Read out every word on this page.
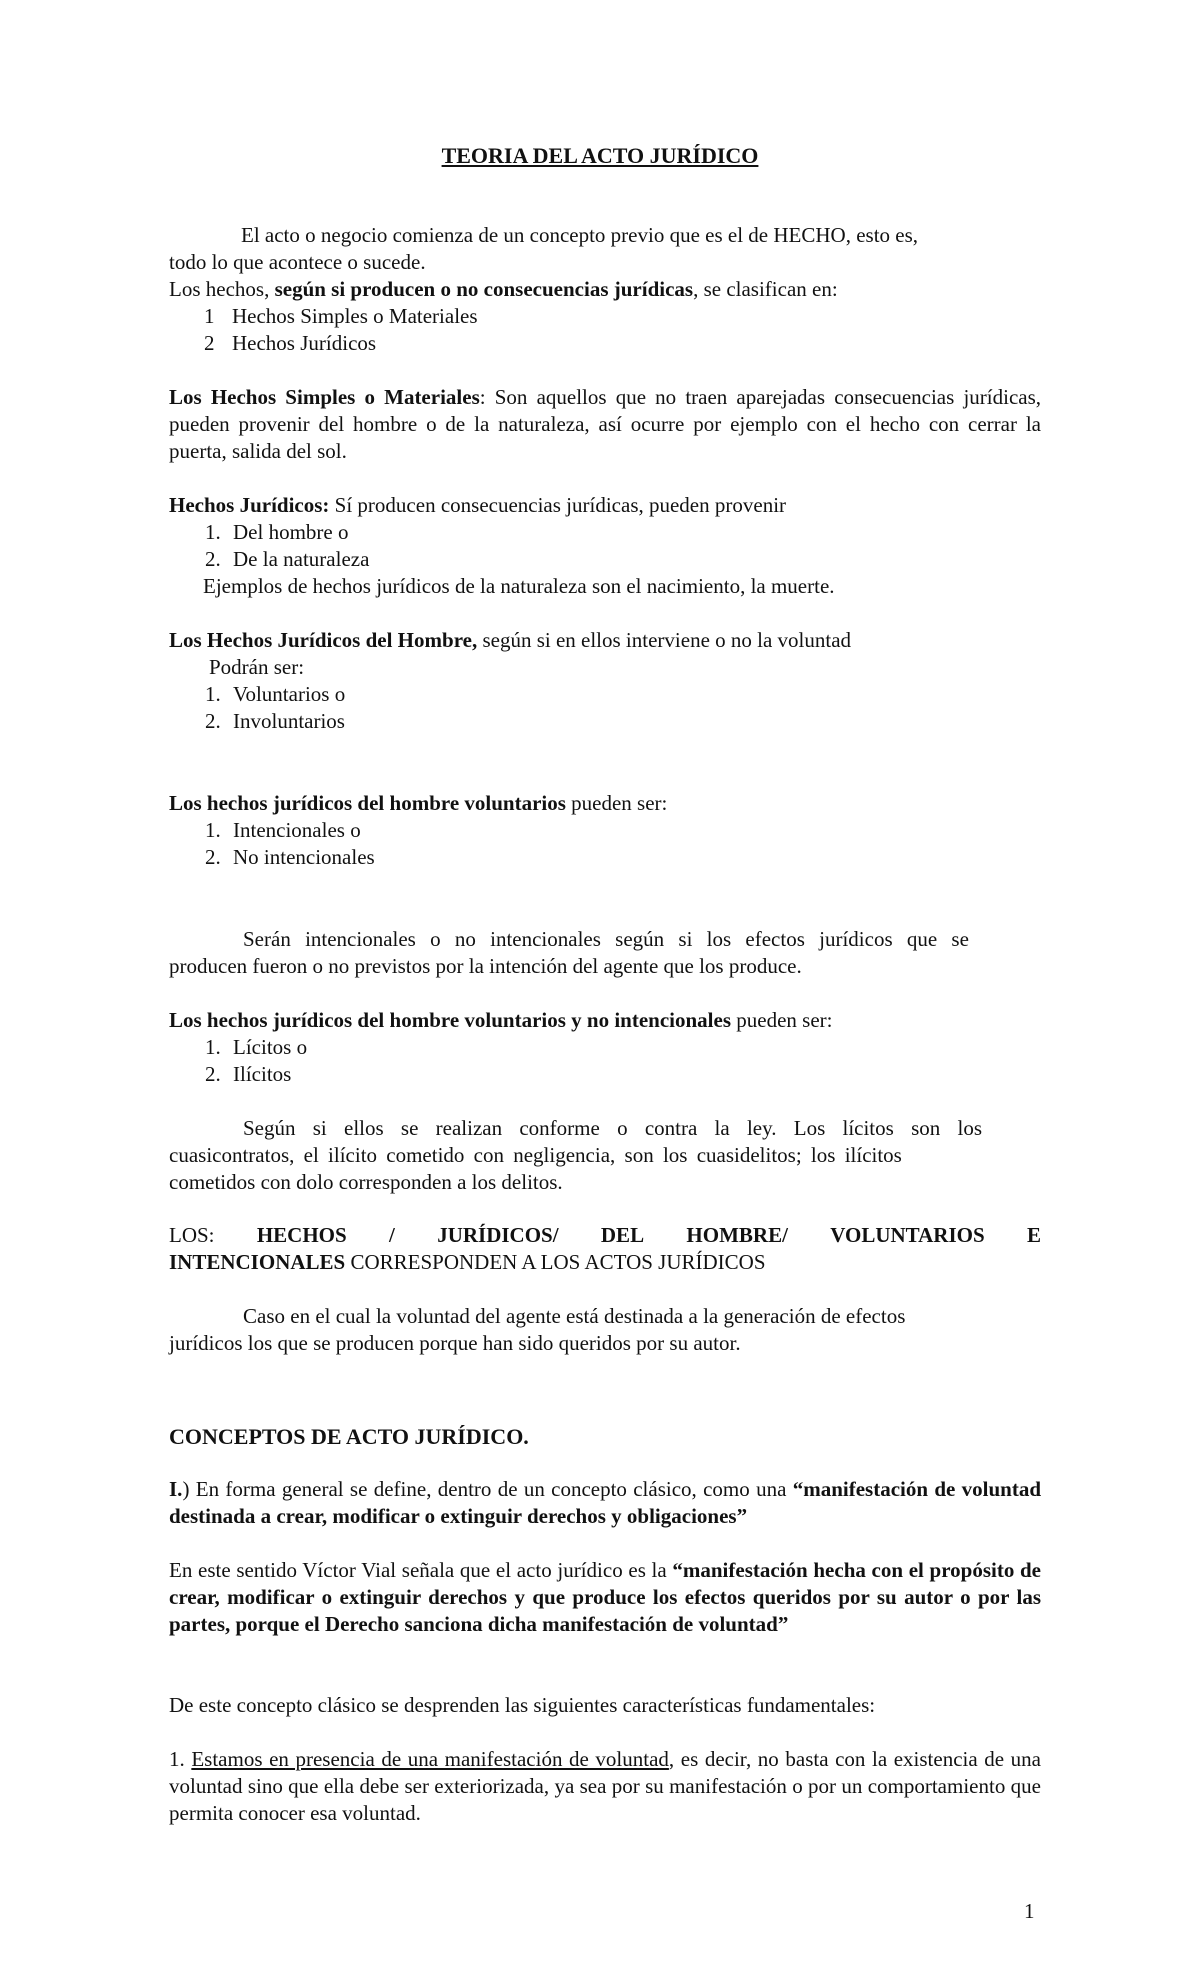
TEORIA DEL ACTO JURÍDICO
El acto o negocio comienza de un concepto previo que es el de HECHO, esto es,
todo lo que acontece o sucede.
Los hechos, según si producen o no consecuencias jurídicas, se clasifican en:
1 Hechos Simples o Materiales
2 Hechos Jurídicos

Los Hechos Simples o Materiales: Son aquellos que no traen aparejadas consecuencias jurídicas, pueden provenir del hombre o de la naturaleza, así ocurre por ejemplo con el hecho con cerrar la puerta, salida del sol.

Hechos Jurídicos: Sí producen consecuencias jurídicas, pueden provenir
1. Del hombre o
2. De la naturaleza
Ejemplos de hechos jurídicos de la naturaleza son el nacimiento, la muerte.
Los Hechos Jurídicos del Hombre, según si en ellos interviene o no la voluntad
Podrán ser:
1. Voluntarios o
2. Involuntarios
Los hechos jurídicos del hombre voluntarios pueden ser:
1. Intencionales o
2. No intencionales
Serán intencionales o no intencionales según si los efectos jurídicos que se
producen fueron o no previstos por la intención del agente que los produce.
Los hechos jurídicos del hombre voluntarios y no intencionales pueden ser:
1. Lícitos o
2. Ilícitos
Según si ellos se realizan conforme o contra la ley. Los lícitos son los
cuasicontratos, el ilícito cometido con negligencia, son los cuasidelitos; los ilícitos
cometidos con dolo corresponden a los delitos.
LOS: HECHOS / JURÍDICOS/ DEL HOMBRE/ VOLUNTARIOS E
INTENCIONALES CORRESPONDEN A LOS ACTOS JURÍDICOS
Caso en el cual la voluntad del agente está destinada a la generación de efectos
jurídicos los que se producen porque han sido queridos por su autor.
CONCEPTOS DE ACTO JURÍDICO.

I.) En forma general se define, dentro de un concepto clásico, como una “manifestación de voluntad destinada a crear, modificar o extinguir derechos y obligaciones”

En este sentido Víctor Vial señala que el acto jurídico es la “manifestación hecha con el propósito de crear, modificar o extinguir derechos y que produce los efectos queridos por su autor o por las partes, porque el Derecho sanciona dicha manifestación de voluntad”

De este concepto clásico se desprenden las siguientes características fundamentales:

1. Estamos en presencia de una manifestación de voluntad, es decir, no basta con la existencia de una voluntad sino que ella debe ser exteriorizada, ya sea por su manifestación o por un comportamiento que permita conocer esa voluntad.

1
